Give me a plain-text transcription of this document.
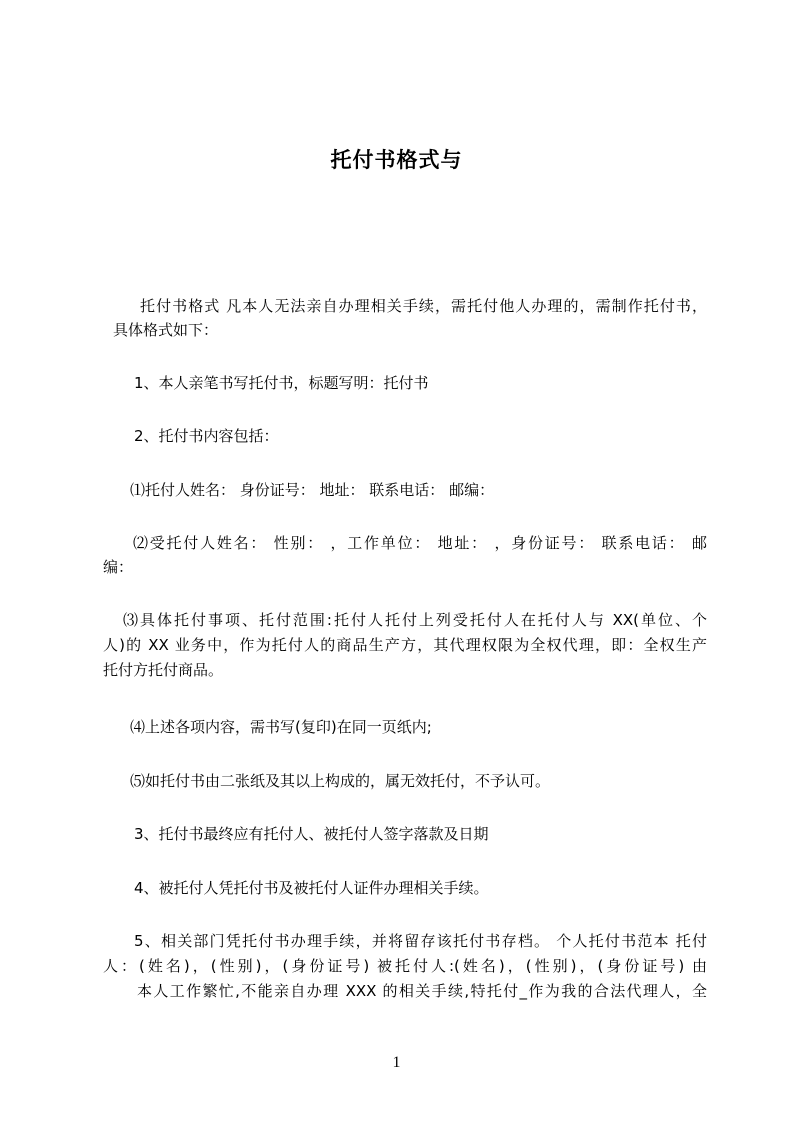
托付书格式与
托付书格式 凡本人无法亲自办理相关手续，需托付他人办理的，需制作托付书，
具体格式如下：
1、本人亲笔书写托付书，标题写明：托付书
2、托付书内容包括：
⑴托付人姓名： 身份证号： 地址： 联系电话： 邮编：
⑵受托付人姓名： 性别： ，工作单位： 地址： ，身份证号： 联系电话： 邮
编：
⑶具体托付事项、托付范围:托付人托付上列受托付人在托付人与 XX(单位、个
人)的 XX 业务中，作为托付人的商品生产方，其代理权限为全权代理，即：全权生产
托付方托付商品。
⑷上述各项内容，需书写(复印)在同一页纸内;
⑸如托付书由二张纸及其以上构成的，属无效托付，不予认可。
3、托付书最终应有托付人、被托付人签字落款及日期
4、被托付人凭托付书及被托付人证件办理相关手续。
5、相关部门凭托付书办理手续，并将留存该托付书存档。 个人托付书范本 托付
人：(姓名)，(性别)，(身份证号) 被托付人:(姓名)，(性别)，(身份证号) 由
本人工作繁忙,不能亲自办理 XXX 的相关手续,特托付_作为我的合法代理人，全
1
